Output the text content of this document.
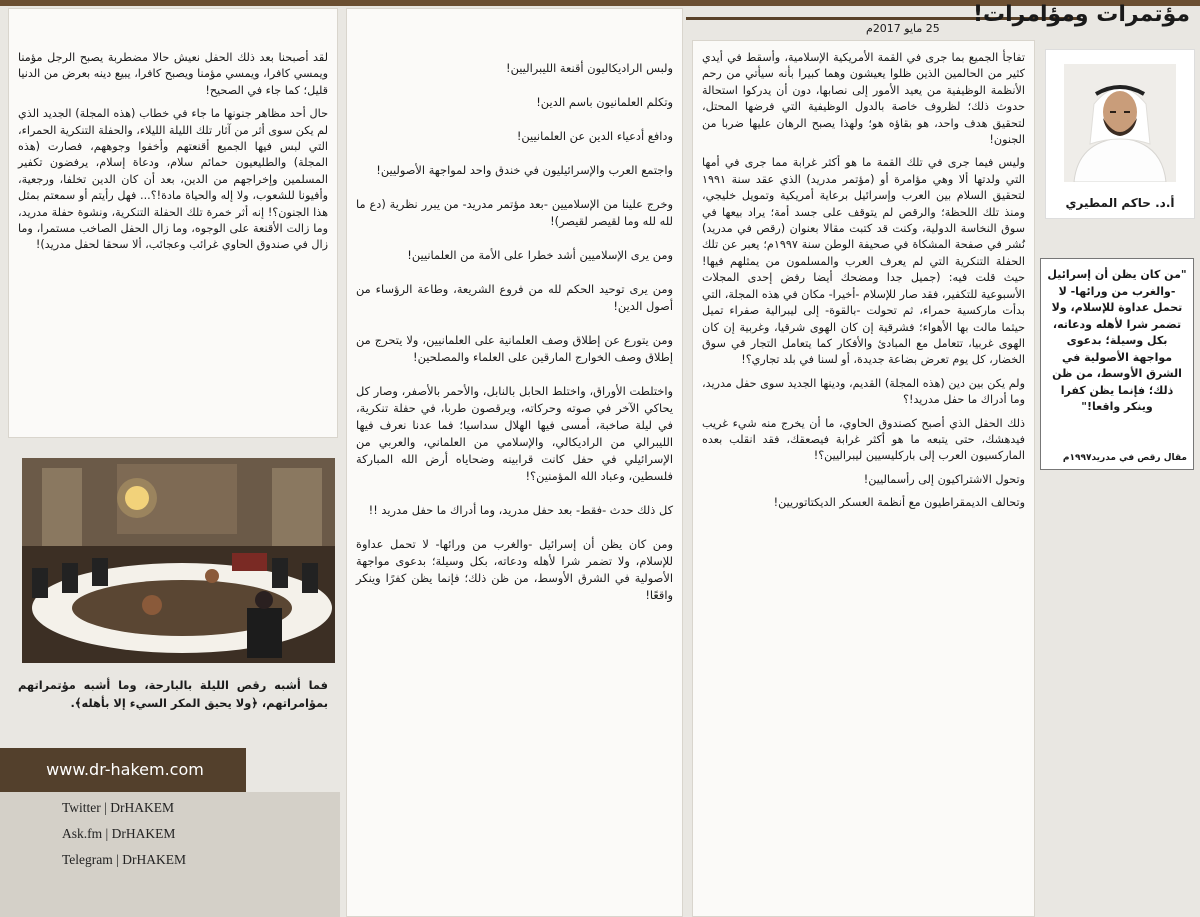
مؤتمرات ومؤامرات!
25 مايو 2017م

تفاجأ الجميع بما جرى في القمة الأمريكية الإسلامية، وأسقط في أيدي كثير من الحالمين الذين ظلوا يعيشون وهما كبيرا بأنه سيأتي من رحم الأنظمة الوظيفية من يعيد الأمور إلى نصابها، دون أن يدركوا استحالة حدوث ذلك؛ لظروف خاصة بالدول الوظيفية التي فرضها المحتل، لتحقيق هدف واحد، هو بقاؤه هو؛ ولهذا يصبح الرهان عليها ضربا من الجنون!

وليس فيما جرى في تلك القمة ما هو أكثر غرابة مما جرى في أمها التي ولدتها ألا وهي مؤامرة أو (مؤتمر مدريد) الذي عقد سنة ١٩٩١ لتحقيق السلام بين العرب وإسرائيل برعاية أمريكية وتمويل خليجي، ومنذ تلك اللحظة؛ والرقص لم يتوقف على جسد أمة؛ يراد بيعها في سوق النخاسة الدولية، وكنت قد كتبت مقالا بعنوان (رقص في مدريد) نُشر في صفحة المشكاة في صحيفة الوطن سنة ١٩٩٧م؛ يعبر عن تلك الحفلة التنكرية التي لم يعرف العرب والمسلمون من يمثلهم فيها! حيث قلت فيه: (جميل جدا ومضحك أيضا رفض إحدى المجلات الأسبوعية للتكفير، فقد صار للإسلام -أخيرا- مكان في هذه المجلة، التي بدأت ماركسية حمراء، ثم تحولت -بالقوة- إلى ليبرالية صفراء تميل حيثما مالت بها الأهواء؛ فشرقية إن كان الهوى شرقيا، وغربية إن كان الهوى غربيا، تتعامل مع المبادئ والأفكار كما يتعامل التجار في سوق الخضار، كل يوم تعرض بضاعة جديدة، أو لسنا في بلد تجاري؟!

ولم يكن بين دين (هذه المجلة) القديم، ودينها الجديد سوى حفل مدريد، وما أدراك ما حفل مدريد!؟

ذلك الحفل الذي أصبح كصندوق الحاوي، ما أن يخرج منه شيء غريب فيدهشك، حتى يتبعه ما هو أكثر غرابة فيصعقك، فقد انقلب بعده الماركسيون العرب إلى باركليسيين ليبراليين؟!

وتحول الاشتراكيون إلى رأسماليين!

وتحالف الديمقراطيون مع أنظمة العسكر الديكتاتوريين!

أ.د. حاكم المطيري
"من كان يظن أن إسرائيل -والغرب من ورائها- لا تحمل عداوة للإسلام، ولا تضمر شرا لأهله ودعاته، بكل وسيلة؛ بدعوى مواجهة الأصولية في الشرق الأوسط، من ظن ذلك؛ فإنما يظن كفرا وينكر واقعا!"
مقال رقص في مدريد١٩٩٧م

ولبس الراديكاليون أقنعة الليبراليين!

وتكلم العلمانيون باسم الدين!

ودافع أدعياء الدين عن العلمانيين!

واجتمع العرب والإسرائيليون في خندق واحد لمواجهة الأصوليين!

وخرج علينا من الإسلاميين -بعد مؤتمر مدريد- من يبرر نظرية (دع ما لله لله وما لقيصر لقيصر)!

ومن يرى الإسلاميين أشد خطرا على الأمة من العلمانيين!

ومن يرى توحيد الحكم لله من فروع الشريعة، وطاعة الرؤساء من أصول الدين!

ومن يتورع عن إطلاق وصف العلمانية على العلمانيين، ولا يتحرج من إطلاق وصف الخوارج المارقين على العلماء والمصلحين!

واختلطت الأوراق، واختلط الحابل بالنابل، والأحمر بالأصفر، وصار كل يحاكي الآخر في صوته وحركاته، ويرقصون طربا، في حفلة تنكرية، في ليلة صاخبة، أمسى فيها الهلال سداسيا؛ فما عدنا نعرف فيها الليبرالي من الراديكالي، والإسلامي من العلماني، والعربي من الإسرائيلي في حفل كانت قرابينه وضحاياه أرض الله المباركة فلسطين، وعباد الله المؤمنين؟!

كل ذلك حدث -فقط- بعد حفل مدريد، وما أدراك ما حفل مدريد !!

ومن كان يظن أن إسرائيل -والغرب من ورائها- لا تحمل عداوة للإسلام، ولا تضمر شرا لأهله ودعاته، بكل وسيلة؛ بدعوى مواجهة الأصولية في الشرق الأوسط، من ظن ذلك؛ فإنما يظن كفرًا وينكر واقعًا!

لقد أصبحنا بعد ذلك الحفل نعيش حالا مضطربة يصبح الرجل مؤمنا ويمسي كافرا، ويمسي مؤمنا ويصبح كافرا، يبيع دينه بعرض من الدنيا قليل؛ كما جاء في الصحيح!

حال أحد مظاهر جنونها ما جاء في خطاب (هذه المجلة) الجديد الذي لم يكن سوى أثر من آثار تلك الليلة الليلاء، والحفلة التنكرية الحمراء، التي لبس فيها الجميع أقنعتهم وأخفوا وجوههم، فصارت (هذه المجلة) والطليعيون حمائم سلام، ودعاة إسلام، يرفضون تكفير المسلمين وإخراجهم من الدين، بعد أن كان الدين تخلفا، ورجعية، وأفيونا للشعوب، ولا إله والحياة مادة!؟... فهل رأيتم أو سمعتم بمثل هذا الجنون؟! إنه أثر خمرة تلك الحفلة التنكرية، ونشوة حفلة مدريد، وما زالت الأقنعة على الوجوه، وما زال الحفل الصاخب مستمرا، وما زال في صندوق الحاوي غرائب وعجائب، ألا سحقا لحفل مدريد)!

فما أشبه رقص الليلة بالبارحة، وما أشبه مؤتمراتهم بمؤامراتهم، ﴿ولا يحيق المكر السيء إلا بأهله﴾.
www.dr-hakem.com
Twitter | DrHAKEM
Ask.fm | DrHAKEM
Telegram | DrHAKEM
